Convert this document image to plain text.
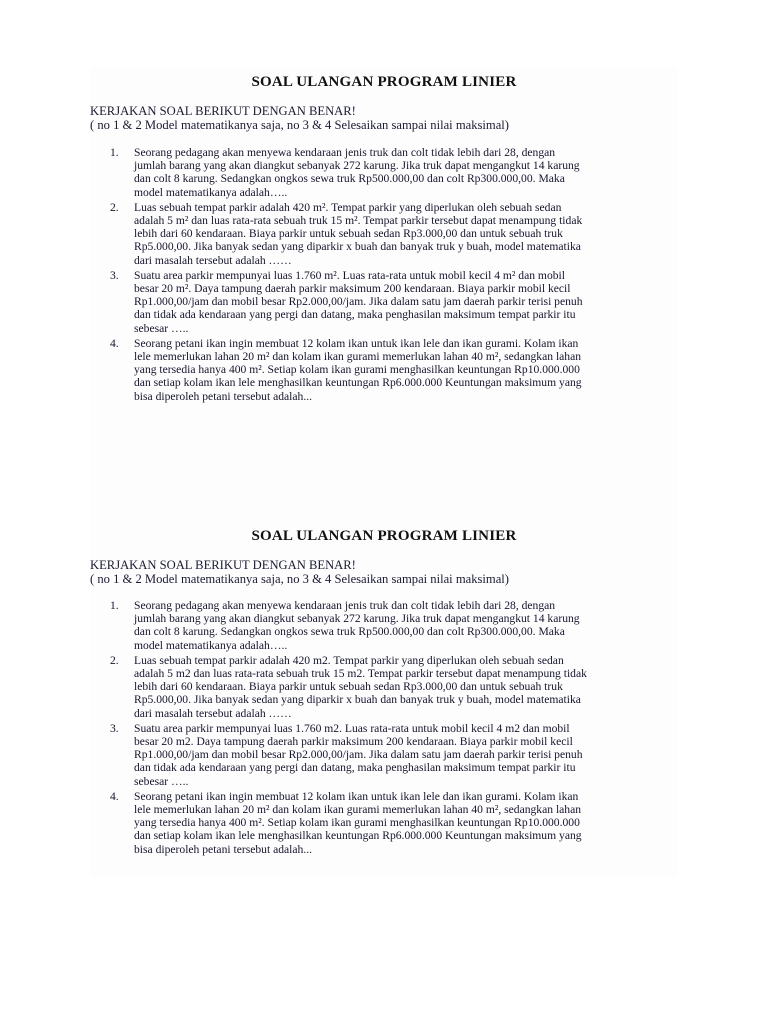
SOAL ULANGAN PROGRAM LINIER
KERJAKAN SOAL BERIKUT DENGAN BENAR!
( no 1 & 2 Model matematikanya saja, no 3 & 4 Selesaikan sampai nilai maksimal)
1. Seorang pedagang akan menyewa kendaraan jenis truk dan colt tidak lebih dari 28, dengan
jumlah barang yang akan diangkut sebanyak 272 karung. Jika truk dapat mengangkut 14 karung
dan colt 8 karung. Sedangkan ongkos sewa truk Rp500.000,00 dan colt Rp300.000,00. Maka
model matematikanya adalah…..
2. Luas sebuah tempat parkir adalah 420 m². Tempat parkir yang diperlukan oleh sebuah sedan
adalah 5 m² dan luas rata-rata sebuah truk 15 m². Tempat parkir tersebut dapat menampung tidak
lebih dari 60 kendaraan. Biaya parkir untuk sebuah sedan Rp3.000,00 dan untuk sebuah truk
Rp5.000,00. Jika banyak sedan yang diparkir x buah dan banyak truk y buah, model matematika
dari masalah tersebut adalah ……
3. Suatu area parkir mempunyai luas 1.760 m². Luas rata-rata untuk mobil kecil 4 m² dan mobil
besar 20 m². Daya tampung daerah parkir maksimum 200 kendaraan. Biaya parkir mobil kecil
Rp1.000,00/jam dan mobil besar Rp2.000,00/jam. Jika dalam satu jam daerah parkir terisi penuh
dan tidak ada kendaraan yang pergi dan datang, maka penghasilan maksimum tempat parkir itu
sebesar …..
4. Seorang petani ikan ingin membuat 12 kolam ikan untuk ikan lele dan ikan gurami. Kolam ikan
lele memerlukan lahan 20 m² dan kolam ikan gurami memerlukan lahan 40 m², sedangkan lahan
yang tersedia hanya 400 m². Setiap kolam ikan gurami menghasilkan keuntungan Rp10.000.000
dan setiap kolam ikan lele menghasilkan keuntungan Rp6.000.000 Keuntungan maksimum yang
bisa diperoleh petani tersebut adalah...
SOAL ULANGAN PROGRAM LINIER
KERJAKAN SOAL BERIKUT DENGAN BENAR!
( no 1 & 2 Model matematikanya saja, no 3 & 4 Selesaikan sampai nilai maksimal)
1. Seorang pedagang akan menyewa kendaraan jenis truk dan colt tidak lebih dari 28, dengan
jumlah barang yang akan diangkut sebanyak 272 karung. Jika truk dapat mengangkut 14 karung
dan colt 8 karung. Sedangkan ongkos sewa truk Rp500.000,00 dan colt Rp300.000,00. Maka
model matematikanya adalah…..
2. Luas sebuah tempat parkir adalah 420 m2. Tempat parkir yang diperlukan oleh sebuah sedan
adalah 5 m2 dan luas rata-rata sebuah truk 15 m2. Tempat parkir tersebut dapat menampung tidak
lebih dari 60 kendaraan. Biaya parkir untuk sebuah sedan Rp3.000,00 dan untuk sebuah truk
Rp5.000,00. Jika banyak sedan yang diparkir x buah dan banyak truk y buah, model matematika
dari masalah tersebut adalah ……
3. Suatu area parkir mempunyai luas 1.760 m2. Luas rata-rata untuk mobil kecil 4 m2 dan mobil
besar 20 m2. Daya tampung daerah parkir maksimum 200 kendaraan. Biaya parkir mobil kecil
Rp1.000,00/jam dan mobil besar Rp2.000,00/jam. Jika dalam satu jam daerah parkir terisi penuh
dan tidak ada kendaraan yang pergi dan datang, maka penghasilan maksimum tempat parkir itu
sebesar …..
4. Seorang petani ikan ingin membuat 12 kolam ikan untuk ikan lele dan ikan gurami. Kolam ikan
lele memerlukan lahan 20 m² dan kolam ikan gurami memerlukan lahan 40 m², sedangkan lahan
yang tersedia hanya 400 m². Setiap kolam ikan gurami menghasilkan keuntungan Rp10.000.000
dan setiap kolam ikan lele menghasilkan keuntungan Rp6.000.000 Keuntungan maksimum yang
bisa diperoleh petani tersebut adalah...
